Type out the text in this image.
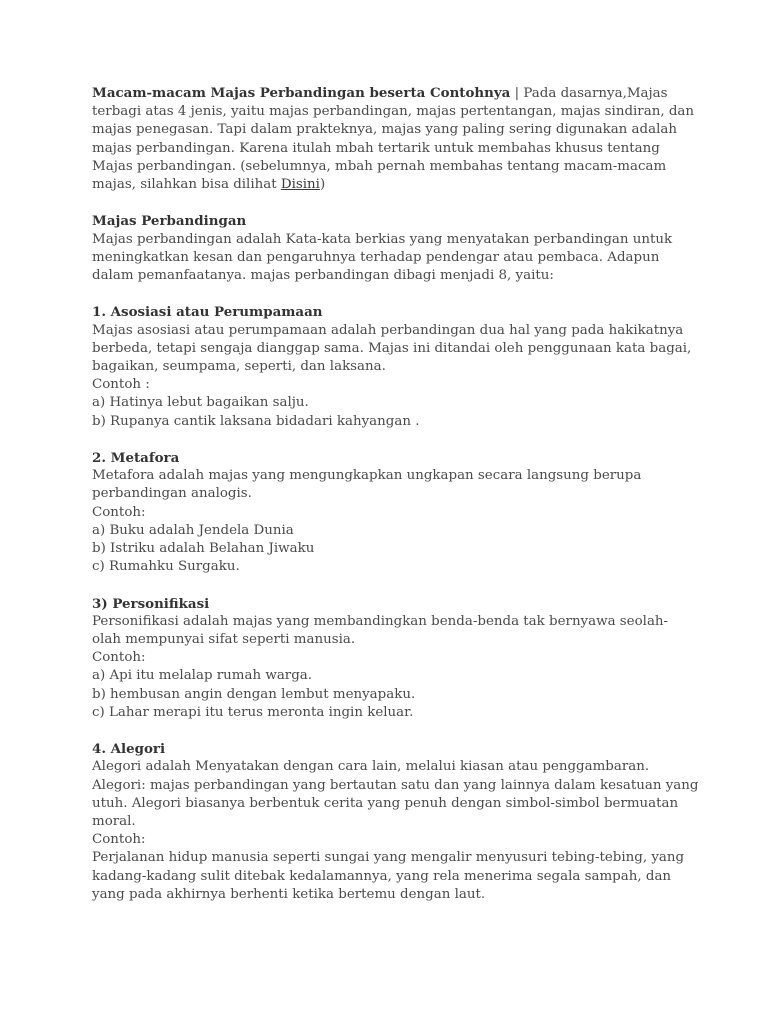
Macam-macam Majas Perbandingan beserta Contohnya | Pada dasarnya,Majas
terbagi atas 4 jenis, yaitu majas perbandingan, majas pertentangan, majas sindiran, dan
majas penegasan. Tapi dalam prakteknya, majas yang paling sering digunakan adalah
majas perbandingan. Karena itulah mbah tertarik untuk membahas khusus tentang
Majas perbandingan. (sebelumnya, mbah pernah membahas tentang macam-macam
majas, silahkan bisa dilihat Disini)
Majas Perbandingan
Majas perbandingan adalah Kata-kata berkias yang menyatakan perbandingan untuk
meningkatkan kesan dan pengaruhnya terhadap pendengar atau pembaca. Adapun
dalam pemanfaatanya. majas perbandingan dibagi menjadi 8, yaitu:
1. Asosiasi atau Perumpamaan
Majas asosiasi atau perumpamaan adalah perbandingan dua hal yang pada hakikatnya
berbeda, tetapi sengaja dianggap sama. Majas ini ditandai oleh penggunaan kata bagai,
bagaikan, seumpama, seperti, dan laksana.
Contoh :
a) Hatinya lebut bagaikan salju.
b) Rupanya cantik laksana bidadari kahyangan .
2. Metafora
Metafora adalah majas yang mengungkapkan ungkapan secara langsung berupa
perbandingan analogis.
Contoh:
a) Buku adalah Jendela Dunia
b) Istriku adalah Belahan Jiwaku
c) Rumahku Surgaku.
3) Personifikasi
Personifikasi adalah majas yang membandingkan benda-benda tak bernyawa seolah-
olah mempunyai sifat seperti manusia.
Contoh:
a) Api itu melalap rumah warga.
b) hembusan angin dengan lembut menyapaku.
c) Lahar merapi itu terus meronta ingin keluar.
4. Alegori
Alegori adalah Menyatakan dengan cara lain, melalui kiasan atau penggambaran.
Alegori: majas perbandingan yang bertautan satu dan yang lainnya dalam kesatuan yang
utuh. Alegori biasanya berbentuk cerita yang penuh dengan simbol-simbol bermuatan
moral.
Contoh:
Perjalanan hidup manusia seperti sungai yang mengalir menyusuri tebing-tebing, yang
kadang-kadang sulit ditebak kedalamannya, yang rela menerima segala sampah, dan
yang pada akhirnya berhenti ketika bertemu dengan laut.
